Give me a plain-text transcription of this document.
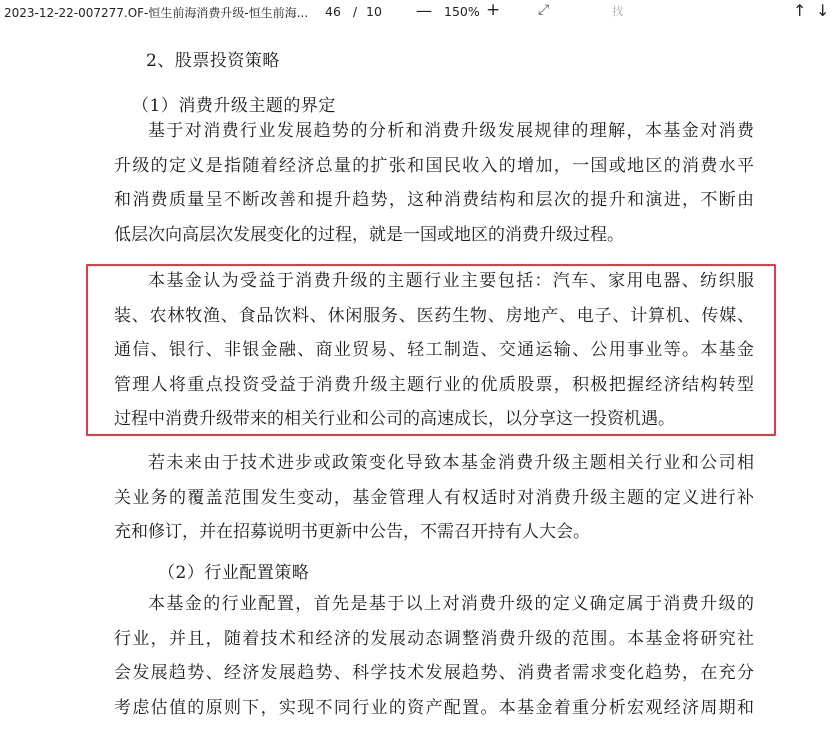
2023-12-22-007277.OF-恒生前海消费升级-恒生前海... 46 / 10 — 150% +	⤢
找	↑ ↓
2、股票投资策略
（1）消费升级主题的界定
基于对消费行业发展趋势的分析和消费升级发展规律的理解，本基金对消费
升级的定义是指随着经济总量的扩张和国民收入的增加，一国或地区的消费水平
和消费质量呈不断改善和提升趋势，这种消费结构和层次的提升和演进，不断由
低层次向高层次发展变化的过程，就是一国或地区的消费升级过程。
本基金认为受益于消费升级的主题行业主要包括：汽车、家用电器、纺织服
装、农林牧渔、食品饮料、休闲服务、医药生物、房地产、电子、计算机、传媒、
通信、银行、非银金融、商业贸易、轻工制造、交通运输、公用事业等。本基金
管理人将重点投资受益于消费升级主题行业的优质股票，积极把握经济结构转型
过程中消费升级带来的相关行业和公司的高速成长，以分享这一投资机遇。
若未来由于技术进步或政策变化导致本基金消费升级主题相关行业和公司相
关业务的覆盖范围发生变动，基金管理人有权适时对消费升级主题的定义进行补
充和修订，并在招募说明书更新中公告，不需召开持有人大会。
（2）行业配置策略
本基金的行业配置，首先是基于以上对消费升级的定义确定属于消费升级的
行业，并且，随着技术和经济的发展动态调整消费升级的范围。本基金将研究社
会发展趋势、经济发展趋势、科学技术发展趋势、消费者需求变化趋势，在充分
考虑估值的原则下，实现不同行业的资产配置。本基金着重分析宏观经济周期和
